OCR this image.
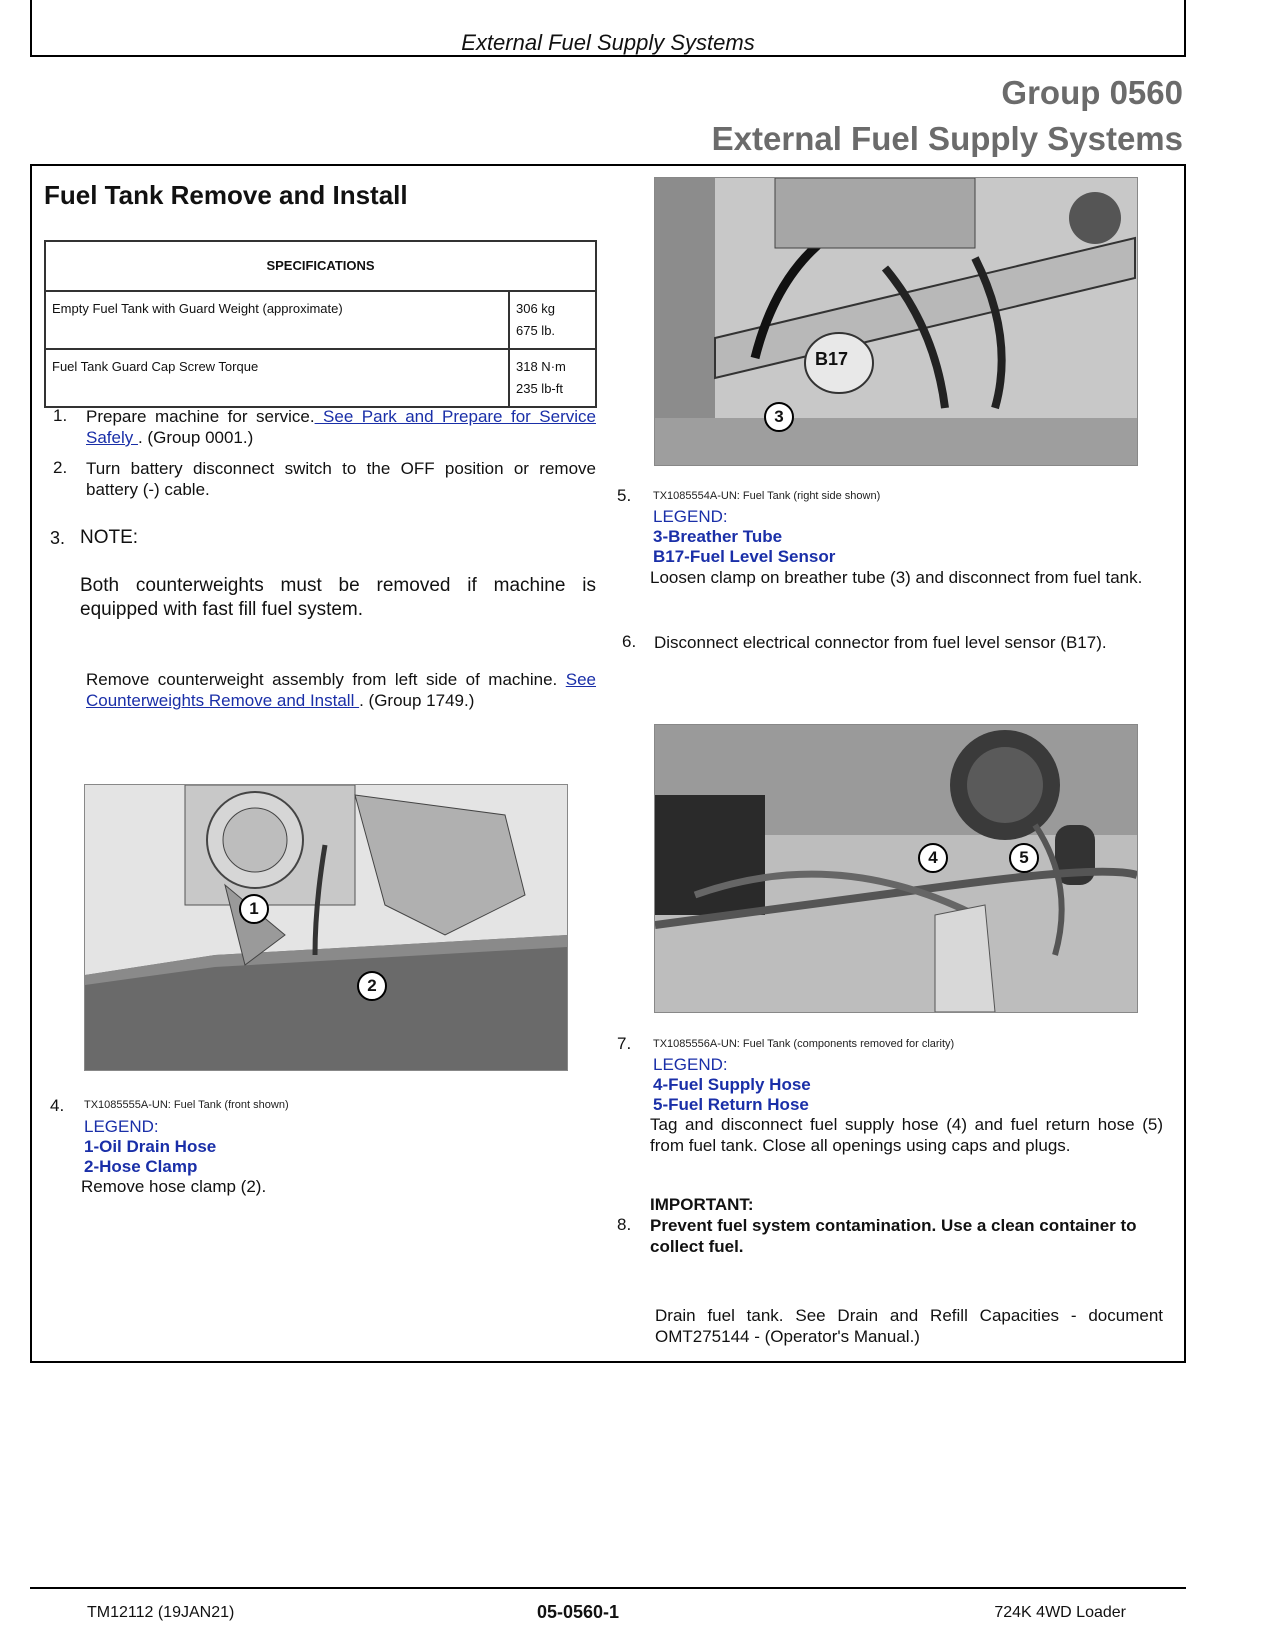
External Fuel Supply Systems
Group 0560
External Fuel Supply Systems
Fuel Tank Remove and Install
SPECIFICATIONS	
Empty Fuel Tank with Guard Weight (approximate)	306 kg
675 lb.

Fuel Tank Guard Cap Screw Torque	318 N·m
235 lb-ft
1. Prepare machine for service. See Park and Prepare for Service Safely . (Group 0001.)
2. Turn battery disconnect switch to the OFF position or remove battery (-) cable.
3. NOTE:
Both counterweights must be removed if machine is equipped with fast fill fuel system.
Remove counterweight assembly from left side of machine. See Counterweights Remove and Install . (Group 1749.)
1
2
4. TX1085555A-UN: Fuel Tank (front shown)
LEGEND:
1-Oil Drain Hose
2-Hose Clamp
Remove hose clamp (2).
B17
3
5. TX1085554A-UN: Fuel Tank (right side shown)
LEGEND:
3-Breather Tube
B17-Fuel Level Sensor
Loosen clamp on breather tube (3) and disconnect from fuel tank.
6. Disconnect electrical connector from fuel level sensor (B17).
4	5
7. TX1085556A-UN: Fuel Tank (components removed for clarity)
LEGEND:
4-Fuel Supply Hose
5-Fuel Return Hose
Tag and disconnect fuel supply hose (4) and fuel return hose (5) from fuel tank. Close all openings using caps and plugs.
IMPORTANT:
8. Prevent fuel system contamination. Use a clean container to collect fuel.
Drain fuel tank. See Drain and Refill Capacities - document OMT275144 - (Operator's Manual.)
TM12112 (19JAN21)	05-0560-1	724K 4WD Loader
